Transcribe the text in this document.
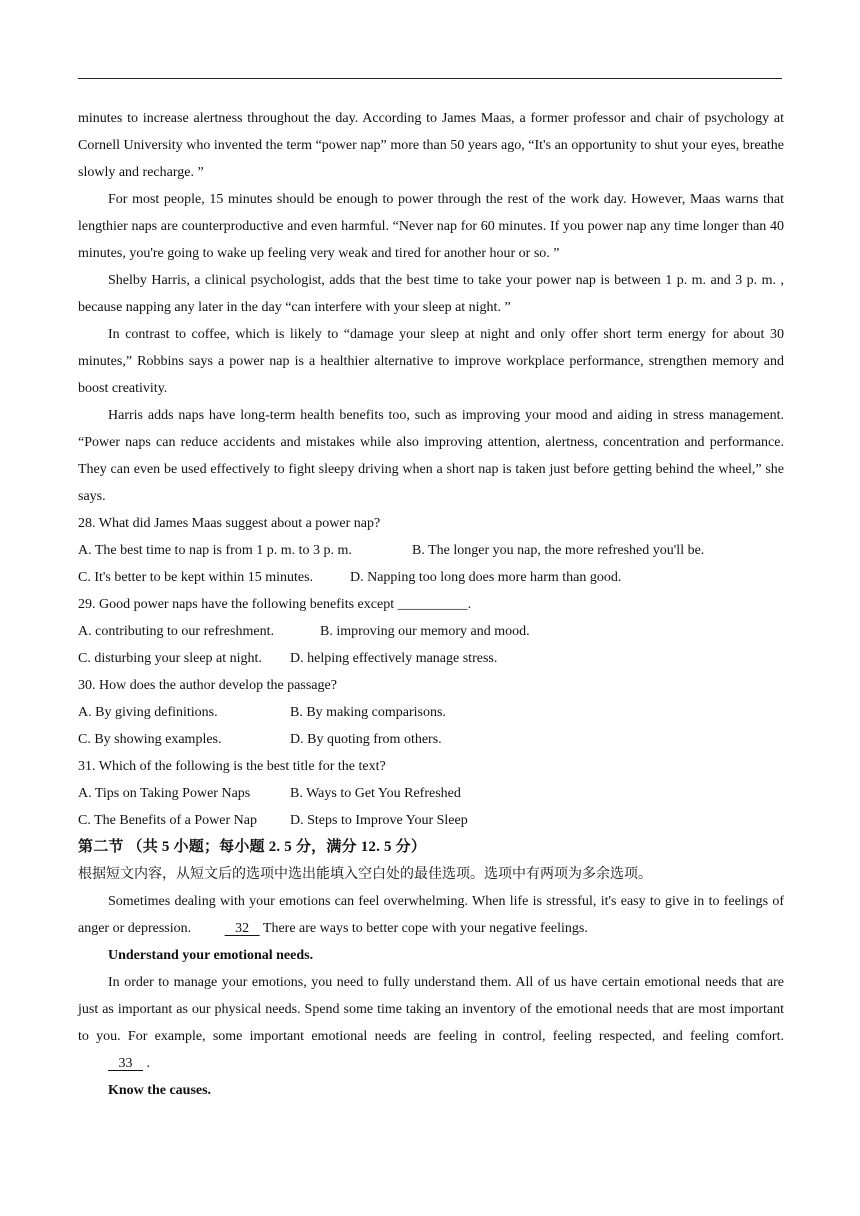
minutes to increase alertness throughout the day. According to James Maas, a former professor and chair of psychology at Cornell University who invented the term “power nap” more than 50 years ago, “It's an opportunity to shut your eyes, breathe slowly and recharge. ”

For most people, 15 minutes should be enough to power through the rest of the work day. However, Maas warns that lengthier naps are counterproductive and even harmful. “Never nap for 60 minutes. If you power nap any time longer than 40 minutes, you're going to wake up feeling very weak and tired for another hour or so. ”

Shelby Harris, a clinical psychologist, adds that the best time to take your power nap is between 1 p. m. and 3 p. m. , because napping any later in the day “can interfere with your sleep at night. ”

In contrast to coffee, which is likely to “damage your sleep at night and only offer short term energy for about 30 minutes,” Robbins says a power nap is a healthier alternative to improve workplace performance, strengthen memory and boost creativity.

Harris adds naps have long-term health benefits too, such as improving your mood and aiding in stress management. “Power naps can reduce accidents and mistakes while also improving attention, alertness, concentration and performance. They can even be used effectively to fight sleepy driving when a short nap is taken just before getting behind the wheel,” she says.

28. What did James Maas suggest about a power nap?

A. The best time to nap is from 1 p. m. to 3 p. m.	B. The longer you nap, the more refreshed you'll be.
C. It's better to be kept within 15 minutes.	D. Napping too long does more harm than good.

29. Good power naps have the following benefits except __________.

A. contributing to our refreshment.	B. improving our memory and mood.
C. disturbing your sleep at night.	D. helping effectively manage stress.

30. How does the author develop the passage?

A. By giving definitions.	B. By making comparisons.
C. By showing examples.	D. By quoting from others.

31. Which of the following is the best title for the text?

A. Tips on Taking Power Naps	B. Ways to Get You Refreshed
C. The Benefits of a Power Nap	D. Steps to Improve Your Sleep

第二节 （共 5 小题；每小题 2. 5 分，满分 12. 5 分）

根据短文内容，从短文后的选项中选出能填入空白处的最佳选项。选项中有两项为多余选项。

Sometimes dealing with your emotions can feel overwhelming. When life is stressful, it's easy to give in to feelings of anger or depression.    32    There are ways to better cope with your negative feelings.

Understand your emotional needs.

In order to manage your emotions, you need to fully understand them. All of us have certain emotional needs that are just as important as our physical needs. Spend some time taking an inventory of the emotional needs that are most important to you. For example, some important emotional needs are feeling in control, feeling respected, and feeling comfort.    33    .

Know the causes.
